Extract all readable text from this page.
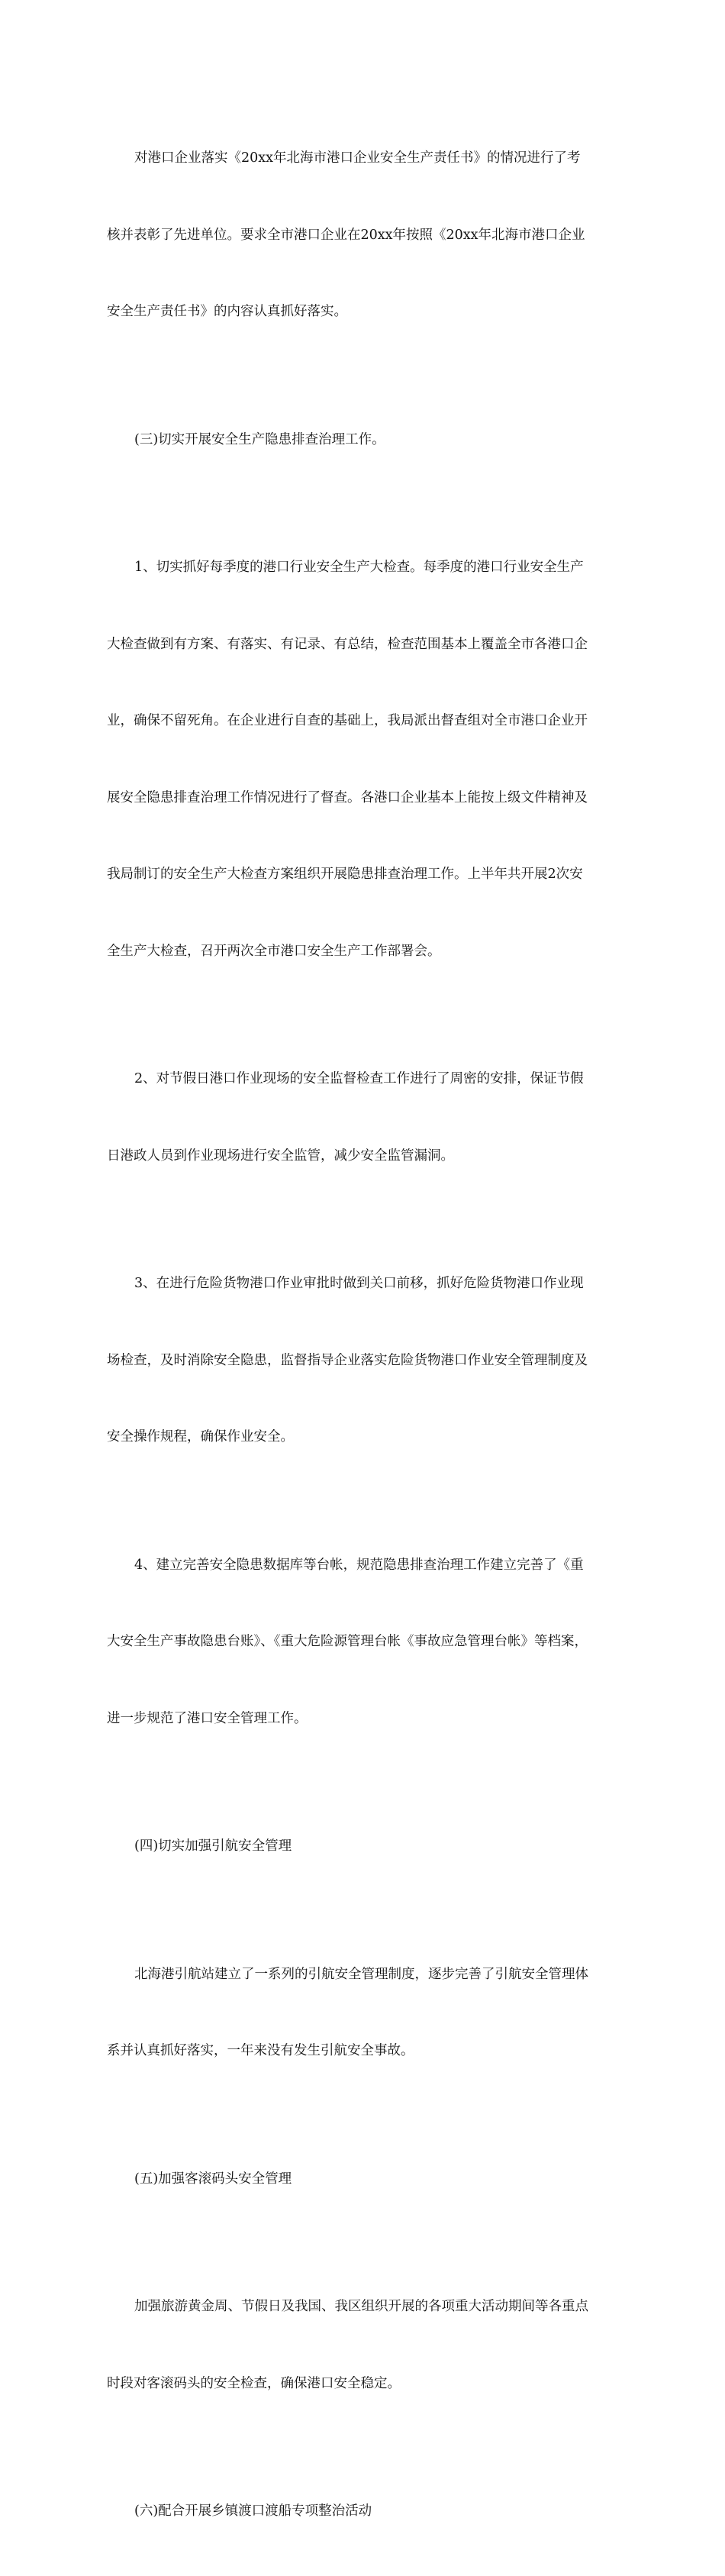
对港口企业落实《20xx年北海市港口企业安全生产责任书》的情况进行了考

核并表彰了先进单位。要求全市港口企业在20xx年按照《20xx年北海市港口企业

安全生产责任书》的内容认真抓好落实。

(三)切实开展安全生产隐患排查治理工作。

1、切实抓好每季度的港口行业安全生产大检查。每季度的港口行业安全生产

大检查做到有方案、有落实、有记录、有总结，检查范围基本上覆盖全市各港口企

业，确保不留死角。在企业进行自查的基础上，我局派出督查组对全市港口企业开

展安全隐患排查治理工作情况进行了督查。各港口企业基本上能按上级文件精神及

我局制订的安全生产大检查方案组织开展隐患排查治理工作。上半年共开展2次安

全生产大检查，召开两次全市港口安全生产工作部署会。

2、对节假日港口作业现场的安全监督检查工作进行了周密的安排，保证节假

日港政人员到作业现场进行安全监管，减少安全监管漏洞。

3、在进行危险货物港口作业审批时做到关口前移，抓好危险货物港口作业现

场检查，及时消除安全隐患，监督指导企业落实危险货物港口作业安全管理制度及

安全操作规程，确保作业安全。

4、建立完善安全隐患数据库等台帐，规范隐患排查治理工作建立完善了《重

大安全生产事故隐患台账》、《重大危险源管理台帐《事故应急管理台帐》等档案，

进一步规范了港口安全管理工作。

(四)切实加强引航安全管理

北海港引航站建立了一系列的引航安全管理制度，逐步完善了引航安全管理体

系并认真抓好落实，一年来没有发生引航安全事故。

(五)加强客滚码头安全管理

加强旅游黄金周、节假日及我国、我区组织开展的各项重大活动期间等各重点

时段对客滚码头的安全检查，确保港口安全稳定。

(六)配合开展乡镇渡口渡船专项整治活动
